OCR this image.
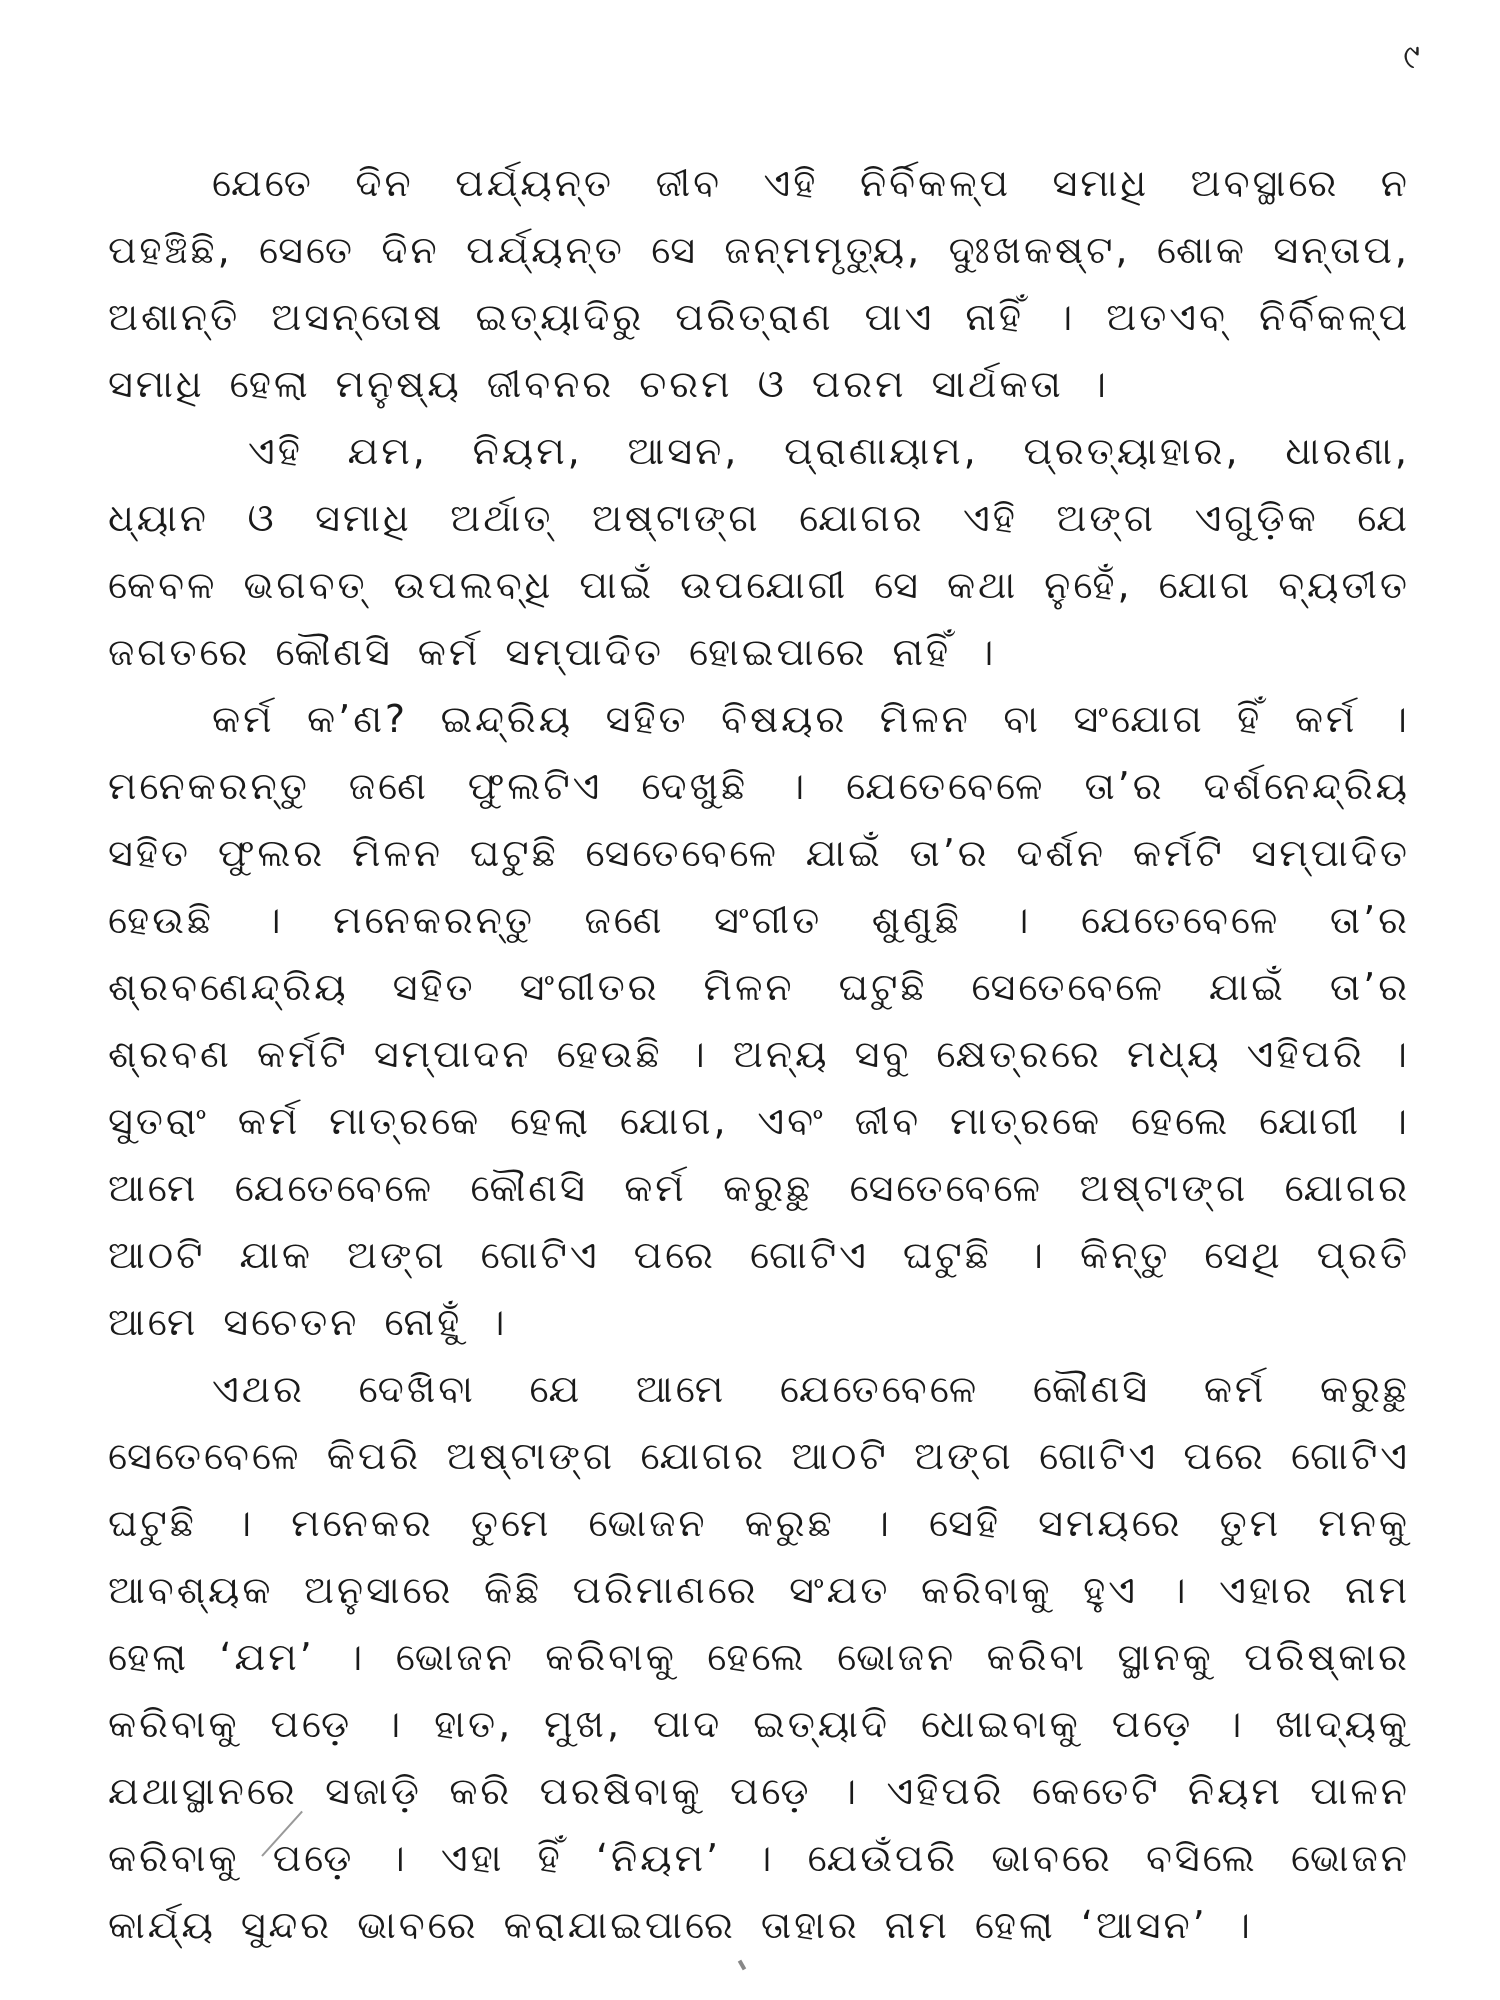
୯

ଯେତେ ଦିନ ପର୍ଯ୍ୟନ୍ତ ଜୀବ ଏହି ନିର୍ବିକଳ୍ପ ସମାଧି ଅବସ୍ଥାରେ ନ ପହଞ୍ଚିଛି, ସେତେ ଦିନ ପର୍ଯ୍ୟନ୍ତ ସେ ଜନ୍ମମୃତ୍ୟୁ, ଦୁଃଖକଷ୍ଟ, ଶୋକ ସନ୍ତାପ, ଅଶାନ୍ତି ଅସନ୍ତୋଷ ଇତ୍ୟାଦିରୁ ପରିତ୍ରାଣ ପାଏ ନାହିଁ । ଅତଏବ୍ ନିର୍ବିକଳ୍ପ ସମାଧି ହେଲା ମନୁଷ୍ୟ ଜୀବନର ଚରମ ଓ ପରମ ସାର୍ଥକତା ।

ଏହି ଯମ, ନିୟମ, ଆସନ, ପ୍ରାଣାୟାମ, ପ୍ରତ୍ୟାହାର, ଧାରଣା, ଧ୍ୟାନ ଓ ସମାଧି ଅର୍ଥାତ୍ ଅଷ୍ଟାଙ୍ଗ ଯୋଗର ଏହି ଅଙ୍ଗ ଏଗୁଡ଼ିକ ଯେ କେବଳ ଭଗବତ୍ ଉପଲବ୍ଧି ପାଇଁ ଉପଯୋଗୀ ସେ କଥା ନୁହେଁ, ଯୋଗ ବ୍ୟତୀତ ଜଗତରେ କୌଣସି କର୍ମ ସମ୍ପାଦିତ ହୋଇପାରେ ନାହିଁ ।

କର୍ମ କ’ଣ? ଇନ୍ଦ୍ରିୟ ସହିତ ବିଷୟର ମିଳନ ବା ସଂଯୋଗ ହିଁ କର୍ମ । ମନେକରନ୍ତୁ ଜଣେ ଫୁଲଟିଏ ଦେଖୁଛି । ଯେତେବେଳେ ତା’ର ଦର୍ଶନେନ୍ଦ୍ରିୟ ସହିତ ଫୁଲର ମିଳନ ଘଟୁଛି ସେତେବେଳେ ଯାଇଁ ତା’ର ଦର୍ଶନ କର୍ମଟି ସମ୍ପାଦିତ ହେଉଛି । ମନେକରନ୍ତୁ ଜଣେ ସଂଗୀତ ଶୁଣୁଛି । ଯେତେବେଳେ ତା’ର ଶ୍ରବଣେନ୍ଦ୍ରିୟ ସହିତ ସଂଗୀତର ମିଳନ ଘଟୁଛି ସେତେବେଳେ ଯାଇଁ ତା’ର ଶ୍ରବଣ କର୍ମଟି ସମ୍ପାଦନ ହେଉଛି । ଅନ୍ୟ ସବୁ କ୍ଷେତ୍ରରେ ମଧ୍ୟ ଏହିପରି । ସୁତରାଂ କର୍ମ ମାତ୍ରକେ ହେଲା ଯୋଗ, ଏବଂ ଜୀବ ମାତ୍ରକେ ହେଲେ ଯୋଗୀ । ଆମେ ଯେତେବେଳେ କୌଣସି କର୍ମ କରୁଛୁ ସେତେବେଳେ ଅଷ୍ଟାଙ୍ଗ ଯୋଗର ଆଠଟି ଯାକ ଅଙ୍ଗ ଗୋଟିଏ ପରେ ଗୋଟିଏ ଘଟୁଛି । କିନ୍ତୁ ସେଥି ପ୍ରତି ଆମେ ସଚେତନ ନୋହୁଁ ।

ଏଥର ଦେଖିବା ଯେ ଆମେ ଯେତେବେଳେ କୌଣସି କର୍ମ କରୁଛୁ ସେତେବେଳେ କିପରି ଅଷ୍ଟାଙ୍ଗ ଯୋଗର ଆଠଟି ଅଙ୍ଗ ଗୋଟିଏ ପରେ ଗୋଟିଏ ଘଟୁଛି । ମନେକର ତୁମେ ଭୋଜନ କରୁଛ । ସେହି ସମୟରେ ତୁମ ମନକୁ ଆବଶ୍ୟକ ଅନୁସାରେ କିଛି ପରିମାଣରେ ସଂଯତ କରିବାକୁ ହୁଏ । ଏହାର ନାମ ହେଲା ‘ଯମ’ । ଭୋଜନ କରିବାକୁ ହେଲେ ଭୋଜନ କରିବା ସ୍ଥାନକୁ ପରିଷ୍କାର କରିବାକୁ ପଡ଼େ । ହାତ, ମୁଖ, ପାଦ ଇତ୍ୟାଦି ଧୋଇବାକୁ ପଡ଼େ । ଖାଦ୍ୟକୁ ଯଥାସ୍ଥାନରେ ସଜାଡ଼ି କରି ପରଷିବାକୁ ପଡ଼େ । ଏହିପରି କେତେଟି ନିୟମ ପାଳନ କରିବାକୁ ପଡ଼େ । ଏହା ହିଁ ‘ନିୟମ’ । ଯେଉଁପରି ଭାବରେ ବସିଲେ ଭୋଜନ କାର୍ଯ୍ୟ ସୁନ୍ଦର ଭାବରେ କରାଯାଇପାରେ ତାହାର ନାମ ହେଲା ‘ଆସନ’ ।
